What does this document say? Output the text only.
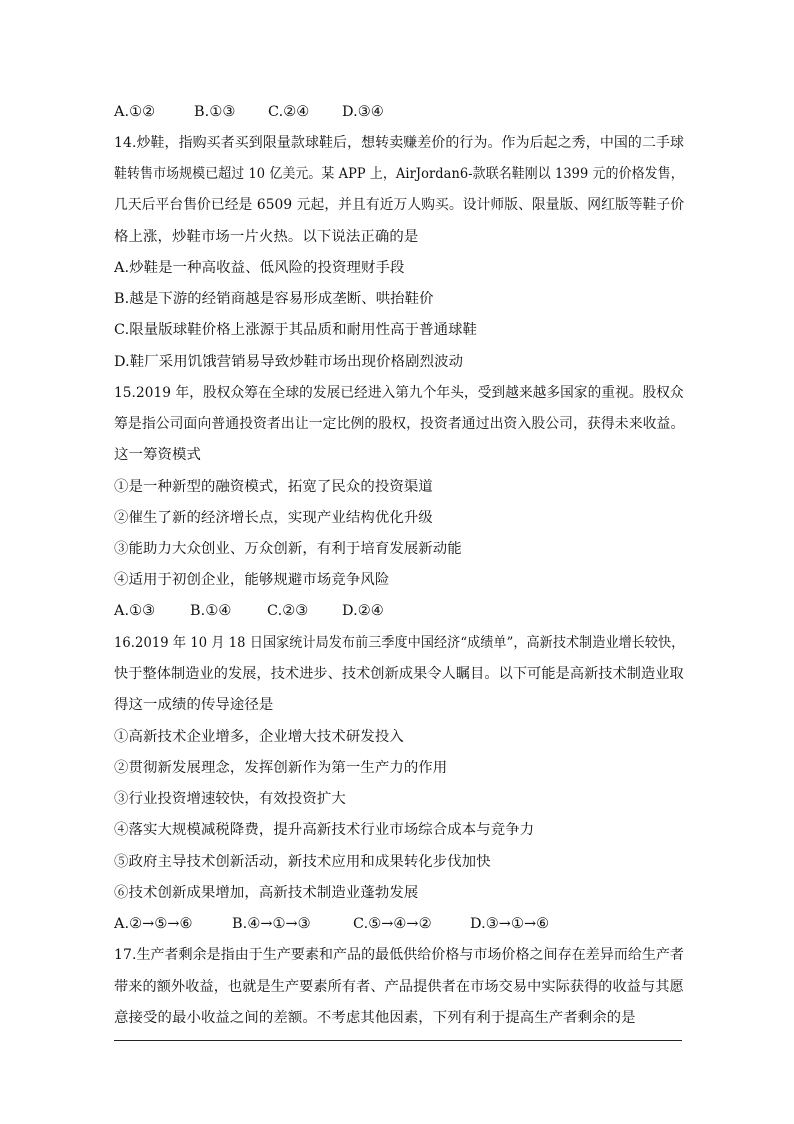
A.①②	B.①③ C.②④ D.③④
14.炒鞋，指购买者买到限量款球鞋后，想转卖赚差价的行为。作为后起之秀，中国的二手球
鞋转售市场规模已超过 10 亿美元。某 APP 上，AirJordan6-款联名鞋刚以 1399 元的价格发售，
几天后平台售价已经是 6509 元起，并且有近万人购买。设计师版、限量版、网红版等鞋子价
格上涨，炒鞋市场一片火热。以下说法正确的是
A.炒鞋是一种高收益、低风险的投资理财手段
B.越是下游的经销商越是容易形成垄断、哄抬鞋价
C.限量版球鞋价格上涨源于其品质和耐用性高于普通球鞋
D.鞋厂采用饥饿营销易导致炒鞋市场出现价格剧烈波动
15.2019 年，股权众筹在全球的发展已经进入第九个年头，受到越来越多国家的重视。股权众
筹是指公司面向普通投资者出让一定比例的股权，投资者通过出资入股公司，获得未来收益。
这一筹资模式
①是一种新型的融资模式，拓宽了民众的投资渠道
②催生了新的经济增长点，实现产业结构优化升级
③能助力大众创业、万众创新，有利于培育发展新动能
④适用于初创企业，能够规避市场竞争风险
A.①③ B.①④ C.②③ D.②④
16.2019 年 10 月 18 日国家统计局发布前三季度中国经济“成绩单”，高新技术制造业增长较快，
快于整体制造业的发展，技术进步、技术创新成果令人瞩目。以下可能是高新技术制造业取
得这一成绩的传导途径是
①高新技术企业增多，企业增大技术研发投入
②贯彻新发展理念，发挥创新作为第一生产力的作用
③行业投资增速较快，有效投资扩大
④落实大规模减税降费，提升高新技术行业市场综合成本与竞争力
⑤政府主导技术创新活动，新技术应用和成果转化步伐加快
⑥技术创新成果增加，高新技术制造业蓬勃发展
A.②→⑤→⑥	B.④→①→③	C.⑤→④→②	D.③→①→⑥
17.生产者剩余是指由于生产要素和产品的最低供给价格与市场价格之间存在差异而给生产者
带来的额外收益，也就是生产要素所有者、产品提供者在市场交易中实际获得的收益与其愿
意接受的最小收益之间的差额。不考虑其他因素，下列有利于提高生产者剩余的是
